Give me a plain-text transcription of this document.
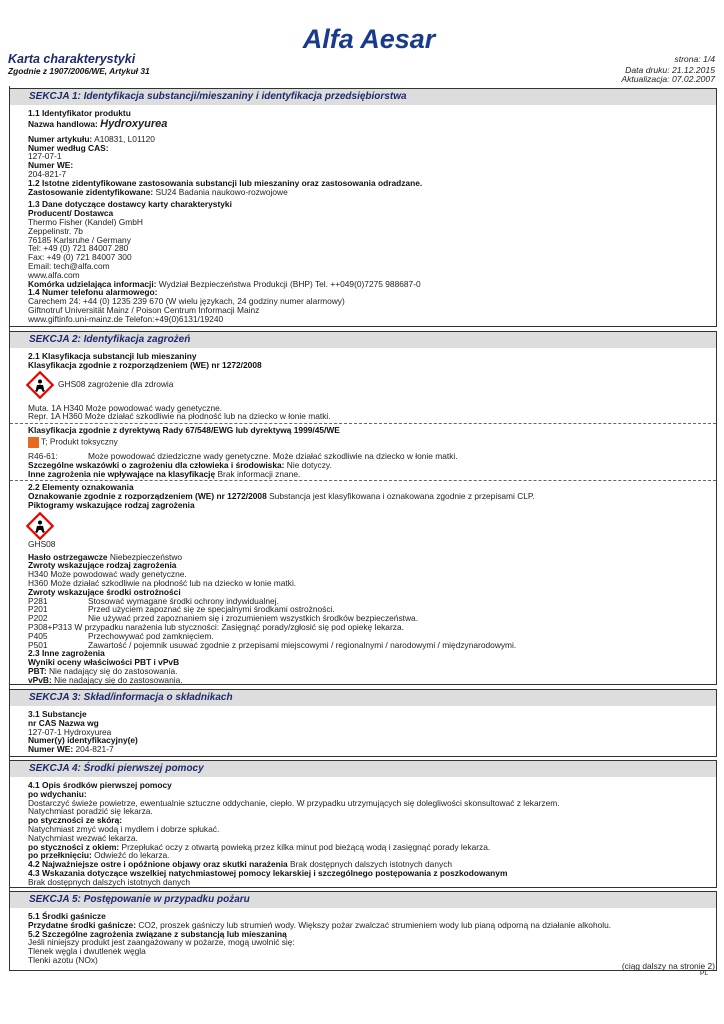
Alfa Aesar
Karta charakterystyki
Zgodnie z 1907/2006/WE, Artykuł 31
strona: 1/4
Data druku: 21.12.2015
Aktualizacja: 07.02.2007
SEKCJA 1: Identyfikacja substancji/mieszaniny i identyfikacja przedsiębiorstwa
1.1 Identyfikator produktu
Nazwa handlowa: Hydroxyurea
Numer artykułu: A10831, L01120
Numer według CAS:
127-07-1
Numer WE:
204-821-7
1.2 Istotne zidentyfikowane zastosowania substancji lub mieszaniny oraz zastosowania odradzane.
Zastosowanie zidentyfikowane: SU24 Badania naukowo-rozwojowe
1.3 Dane dotyczące dostawcy karty charakterystyki
Producent/ Dostawca
Thermo Fisher (Kandel) GmbH
Zeppelinstr. 7b
76185 Karlsruhe / Germany
Tel: +49 (0) 721 84007 280
Fax: +49 (0) 721 84007 300
Email: tech@alfa.com
www.alfa.com
Komórka udzielająca informacji: Wydział Bezpieczeństwa Produkcji (BHP) Tel. ++049(0)7275 988687-0
1.4 Numer telefonu alarmowego:
Carechem 24: +44 (0) 1235 239 670 (W wielu językach, 24 godziny numer alarmowy)
Giftnotruf Universität Mainz / Poison Centrum Informacji Mainz
www.giftinfo.uni-mainz.de Telefon:+49(0)6131/19240
SEKCJA 2: Identyfikacja zagrożeń
2.1 Klasyfikacja substancji lub mieszaniny
Klasyfikacja zgodnie z rozporządzeniem (WE) nr 1272/2008
GHS08 zagrożenie dla zdrowia
Muta. 1A H340 Może powodować wady genetyczne.
Repr. 1A H360 Może działać szkodliwie na płodność lub na dziecko w łonie matki.
Klasyfikacja zgodnie z dyrektywą Rady 67/548/EWG lub dyrektywą 1999/45/WE
T; Produkt toksyczny
R46-61:	Może powodować dziedziczne wady genetyczne. Może działać szkodliwie na dziecko w łonie matki.
Szczególne wskazówki o zagrożeniu dla człowieka i środowiska: Nie dotyczy.
Inne zagrożenia nie wpływające na klasyfikację Brak informacji znane.
2.2 Elementy oznakowania
Oznakowanie zgodnie z rozporządzeniem (WE) nr 1272/2008 Substancja jest klasyfikowana i oznakowana zgodnie z przepisami CLP.
Piktogramy wskazujące rodzaj zagrożenia
GHS08
Hasło ostrzegawcze Niebezpieczeństwo
Zwroty wskazujące rodzaj zagrożenia
H340 Może powodować wady genetyczne.
H360 Może działać szkodliwie na płodność lub na dziecko w łonie matki.
Zwroty wskazujące środki ostrożności
P281	Stosować wymagane środki ochrony indywidualnej.
P201	Przed użyciem zapoznać się ze specjalnymi środkami ostrożności.
P202	Nie używać przed zapoznaniem się i zrozumieniem wszystkich środków bezpieczeństwa.
P308+P313 W przypadku narażenia lub styczności: Zasięgnąć porady/zgłosić się pod opiekę lekarza.
P405	Przechowywać pod zamknięciem.
P501	Zawartość / pojemnik usuwać zgodnie z przepisami miejscowymi / regionalnymi / narodowymi / międzynarodowymi.
2.3 Inne zagrożenia
Wyniki oceny właściwości PBT i vPvB
PBT: Nie nadający się do zastosowania.
vPvB: Nie nadający się do zastosowania.
SEKCJA 3: Skład/informacja o składnikach
3.1 Substancje
nr CAS Nazwa wg
127-07-1 Hydroxyurea
Numer(y) identyfikacyjny(e)
Numer WE: 204-821-7
SEKCJA 4: Środki pierwszej pomocy
4.1 Opis środków pierwszej pomocy
po wdychaniu:
Dostarczyć świeże powietrze, ewentualnie sztuczne oddychanie, ciepło. W przypadku utrzymujących się dolegliwości skonsultować z lekarzem.
Natychmiast poradzić się lekarza.
po styczności ze skórą:
Natychmiast zmyć wodą i mydłem i dobrze spłukać.
Natychmiast wezwać lekarza.
po styczności z okiem: Przepłukać oczy z otwartą powieką przez kilka minut pod bieżącą wodą i zasięgnąć porady lekarza.
po przełknięciu: Odwieźć do lekarza.
4.2 Najważniejsze ostre i opóźnione objawy oraz skutki narażenia Brak dostępnych dalszych istotnych danych
4.3 Wskazania dotyczące wszelkiej natychmiastowej pomocy lekarskiej i szczególnego postępowania z poszkodowanym
Brak dostępnych dalszych istotnych danych
SEKCJA 5: Postępowanie w przypadku pożaru
5.1 Środki gaśnicze
Przydatne środki gaśnicze: CO2, proszek gaśniczy lub strumień wody. Większy pożar zwalczać strumieniem wody lub pianą odporną na działanie alkoholu.
5.2 Szczególne zagrożenia związane z substancją lub mieszaniną
Jeśli niniejszy produkt jest zaangażowany w pożarze, mogą uwolnić się:
Tlenek węgla i dwutlenek węgla
Tlenki azotu (NOx)
(ciąg dalszy na stronie 2)
PL
